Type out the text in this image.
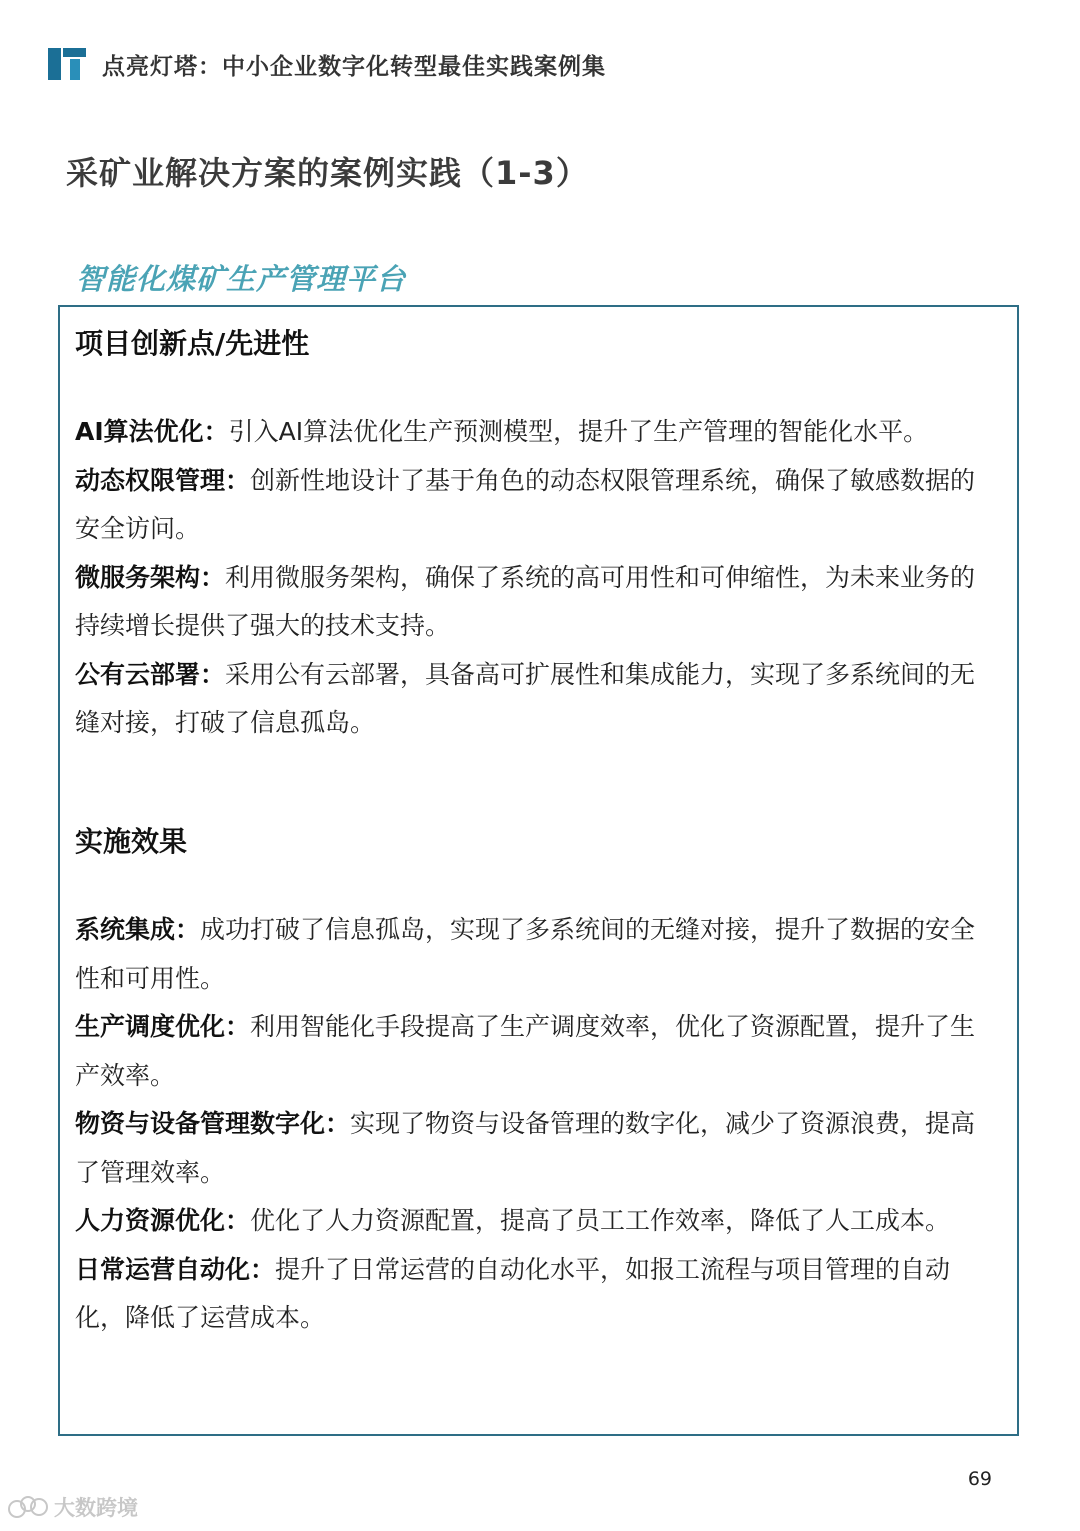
点亮灯塔：中小企业数字化转型最佳实践案例集
采矿业解决方案的案例实践（1-3）
智能化煤矿生产管理平台
项目创新点/先进性

AI算法优化：引入AI算法优化生产预测模型，提升了生产管理的智能化水平。

动态权限管理：创新性地设计了基于角色的动态权限管理系统，确保了敏感数据的安全访问。

微服务架构：利用微服务架构，确保了系统的高可用性和可伸缩性，为未来业务的持续增长提供了强大的技术支持。

公有云部署：采用公有云部署，具备高可扩展性和集成能力，实现了多系统间的无缝对接，打破了信息孤岛。

实施效果

系统集成：成功打破了信息孤岛，实现了多系统间的无缝对接，提升了数据的安全性和可用性。

生产调度优化：利用智能化手段提高了生产调度效率，优化了资源配置，提升了生产效率。

物资与设备管理数字化：实现了物资与设备管理的数字化，减少了资源浪费，提高了管理效率。

人力资源优化：优化了人力资源配置，提高了员工工作效率，降低了人工成本。

日常运营自动化：提升了日常运营的自动化水平，如报工流程与项目管理的自动化，降低了运营成本。

69
大数跨境
